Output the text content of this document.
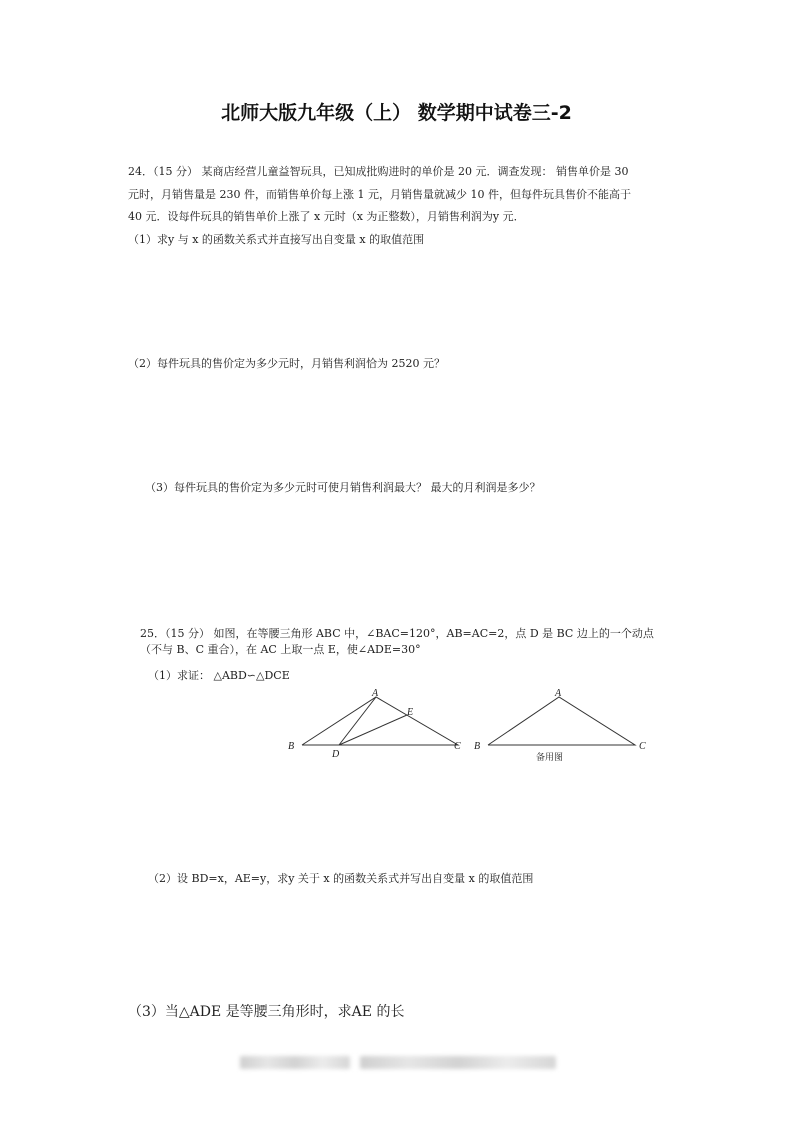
北师大版九年级（上） 数学期中试卷三-2
24．（15 分） 某商店经营儿童益智玩具，已知成批购进时的单价是 20 元．调查发现： 销售单价是 30
元时，月销售量是 230 件，而销售单价每上涨 1 元，月销售量就减少 10 件，但每件玩具售价不能高于
40 元．设每件玩具的销售单价上涨了 x 元时（x 为正整数），月销售利润为y 元．
（1）求y 与 x 的函数关系式并直接写出自变量 x 的取值范围
（2）每件玩具的售价定为多少元时，月销售利润恰为 2520 元？
（3）每件玩具的售价定为多少元时可使月销售利润最大？ 最大的月利润是多少？
25．（15 分） 如图，在等腰三角形 ABC 中，∠BAC=120°，AB=AC=2，点 D 是 BC 边上的一个动点
（不与 B、C 重合），在 AC 上取一点 E，使∠ADE=30°
（1）求证： △ABD∽△DCE
A
B	C
D
E
A
B	C
备用图
（2）设 BD=x，AE=y，求y 关于 x 的函数关系式并写出自变量 x 的取值范围
（3）当△ADE 是等腰三角形时，求AE 的长
